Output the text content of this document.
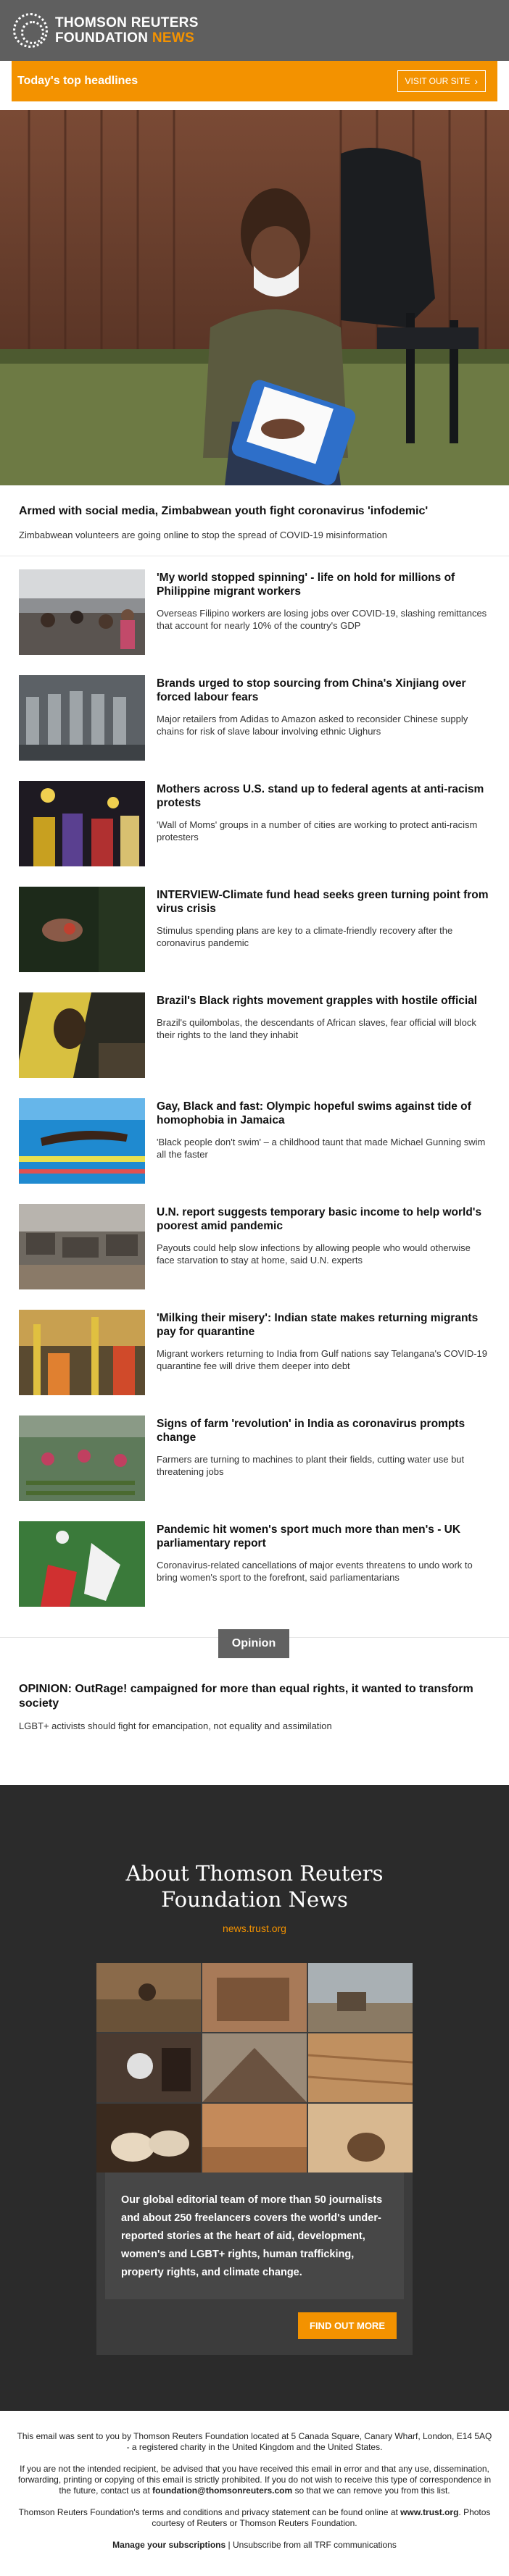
THOMSON REUTERS
FOUNDATION NEWS
Today's top headlines	VISIT OUR SITE ›
Armed with social media, Zimbabwean youth fight coronavirus 'infodemic'

Zimbabwean volunteers are going online to stop the spread of COVID-19 misinformation

'My world stopped spinning' - life on hold for millions of Philippine migrant workers

Overseas Filipino workers are losing jobs over COVID-19, slashing remittances that account for nearly 10% of the country's GDP

Brands urged to stop sourcing from China's Xinjiang over forced labour fears

Major retailers from Adidas to Amazon asked to reconsider Chinese supply chains for risk of slave labour involving ethnic Uighurs

Mothers across U.S. stand up to federal agents at anti-racism protests

'Wall of Moms' groups in a number of cities are working to protect anti-racism protesters

INTERVIEW-Climate fund head seeks green turning point from virus crisis

Stimulus spending plans are key to a climate-friendly recovery after the coronavirus pandemic

Brazil's Black rights movement grapples with hostile official

Brazil's quilombolas, the descendants of African slaves, fear official will block their rights to the land they inhabit

Gay, Black and fast: Olympic hopeful swims against tide of homophobia in Jamaica

'Black people don't swim' – a childhood taunt that made Michael Gunning swim all the faster

U.N. report suggests temporary basic income to help world's poorest amid pandemic

Payouts could help slow infections by allowing people who would otherwise face starvation to stay at home, said U.N. experts

'Milking their misery': Indian state makes returning migrants pay for quarantine

Migrant workers returning to India from Gulf nations say Telangana's COVID-19 quarantine fee will drive them deeper into debt

Signs of farm 'revolution' in India as coronavirus prompts change

Farmers are turning to machines to plant their fields, cutting water use but threatening jobs

Pandemic hit women's sport much more than men's - UK parliamentary report

Coronavirus-related cancellations of major events threatens to undo work to bring women's sport to the forefront, said parliamentarians

Opinion
OPINION: OutRage! campaigned for more than equal rights, it wanted to transform society

LGBT+ activists should fight for emancipation, not equality and assimilation

About Thomson Reuters
Foundation News
news.trust.org

Our global editorial team of more than 50 journalists and about 250 freelancers covers the world's under-reported stories at the heart of aid, development, women's and LGBT+ rights, human trafficking, property rights, and climate change.

FIND OUT MORE

This email was sent to you by Thomson Reuters Foundation located at 5 Canada Square, Canary Wharf, London, E14 5AQ - a registered charity in the United Kingdom and the United States.

If you are not the intended recipient, be advised that you have received this email in error and that any use, dissemination, forwarding, printing or copying of this email is strictly prohibited. If you do not wish to receive this type of correspondence in the future, contact us at foundation@thomsonreuters.com so that we can remove you from this list.

Thomson Reuters Foundation's terms and conditions and privacy statement can be found online at www.trust.org. Photos courtesy of Reuters or Thomson Reuters Foundation.

Manage your subscriptions | Unsubscribe from all TRF communications
